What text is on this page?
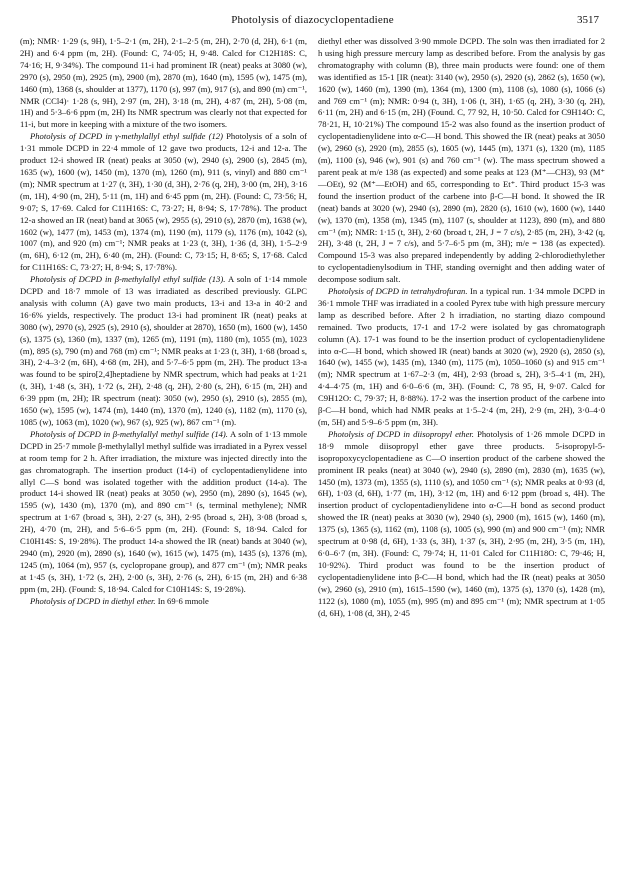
Photolysis of diazocyclopentadiene	3517

(m); NMR· 1·29 (s, 9H), 1·5–2·1 (m, 2H), 2·1–2·5 (m, 2H), 2·70 (d, 2H), 6·1 (m, 2H) and 6·4 ppm (m, 2H). (Found: C, 74·05; H, 9·48. Calcd for C12H18S: C, 74·16; H, 9·34%). The compound 11-i had prominent IR (neat) peaks at 3080 (w), 2970 (s), 2950 (m), 2925 (m), 2900 (m), 2870 (m), 1640 (m), 1595 (w), 1475 (m), 1460 (m), 1368 (s, shoulder at 1377), 1170 (s), 997 (m), 917 (s), and 890 (m) cm⁻¹, NMR (CCl4)· 1·28 (s, 9H), 2·97 (m, 2H), 3·18 (m, 2H), 4·87 (m, 2H), 5·08 (m, 1H) and 5·3–6·6 ppm (m, 2H) Its NMR spectrum was clearly not that expected for 11-i, but more in keeping with a mixture of the two isomers.

Photolysis of DCPD in γ-methylallyl ethyl sulfide (12) Photolysis of a soln of 1·31 mmole DCPD in 22·4 mmole of 12 gave two products, 12-i and 12-a. The product 12-i showed IR (neat) peaks at 3050 (w), 2940 (s), 2900 (s), 2845 (m), 1635 (w), 1600 (w), 1450 (m), 1370 (m), 1260 (m), 911 (s, vinyl) and 880 cm⁻¹ (m); NMR spectrum at 1·27 (t, 3H), 1·30 (d, 3H), 2·76 (q, 2H), 3·00 (m, 2H), 3·16 (m, 1H), 4·90 (m, 2H), 5·11 (m, 1H) and 6·45 ppm (m, 2H). (Found: C, 73·56; H, 9·07; S, 17·69. Calcd for C11H16S: C, 73·27; H, 8·94; S, 17·78%). The product 12-a showed an IR (neat) band at 3065 (w), 2955 (s), 2910 (s), 2870 (m), 1638 (w), 1602 (w), 1477 (m), 1453 (m), 1374 (m), 1190 (m), 1179 (s), 1176 (m), 1042 (s), 1007 (m), and 920 (m) cm⁻¹; NMR peaks at 1·23 (t, 3H), 1·36 (d, 3H), 1·5–2·9 (m, 6H), 6·12 (m, 2H), 6·40 (m, 2H). (Found: C, 73·15; H, 8·65; S, 17·68. Calcd for C11H16S: C, 73·27; H, 8·94; S, 17·78%).

Photolysis of DCPD in β-methylallyl ethyl sulfide (13). A soln of 1·14 mmole DCPD and 18·7 mmole of 13 was irradiated as described previously. GLPC analysis with column (A) gave two main products, 13-i and 13-a in 40·2 and 16·6% yields, respectively. The product 13-i had prominent IR (neat) peaks at 3080 (w), 2970 (s), 2925 (s), 2910 (s), shoulder at 2870), 1650 (m), 1600 (w), 1450 (s), 1375 (s), 1360 (m), 1337 (m), 1265 (m), 1191 (m), 1180 (m), 1055 (m), 1023 (m), 895 (s), 790 (m) and 768 (m) cm⁻¹; NMR peaks at 1·23 (t, 3H), 1·68 (broad s, 3H), 2·4–3·2 (m, 6H), 4·68 (m, 2H), and 5·7–6·5 ppm (m, 2H). The product 13-a was found to be spiro[2,4]heptadiene by NMR spectrum, which had peaks at 1·21 (t, 3H), 1·48 (s, 3H), 1·72 (s, 2H), 2·48 (q, 2H), 2·80 (s, 2H), 6·15 (m, 2H) and 6·39 ppm (m, 2H); IR spectrum (neat): 3050 (w), 2950 (s), 2910 (s), 2855 (m), 1650 (w), 1595 (w), 1474 (m), 1440 (m), 1370 (m), 1240 (s), 1182 (m), 1170 (s), 1085 (w), 1063 (m), 1020 (w), 967 (s), 925 (w), 867 cm⁻¹ (m).

Photolysis of DCPD in β-methylallyl methyl sulfide (14). A soln of 1·13 mmole DCPD in 25·7 mmole β-methylallyl methyl sulfide was irradiated in a Pyrex vessel at room temp for 2 h. After irradiation, the mixture was injected directly into the gas chromatograph. The insertion product (14-i) of cyclopentadienylidene into allyl C—S bond was isolated together with the addition product (14-a). The product 14-i showed IR (neat) peaks at 3050 (w), 2950 (m), 2890 (s), 1645 (w), 1595 (w), 1430 (m), 1370 (m), and 890 cm⁻¹ (s, terminal methylene); NMR spectrum at 1·67 (broad s, 3H), 2·27 (s, 3H), 2·95 (broad s, 2H), 3·08 (broad s, 2H), 4·70 (m, 2H), and 5·6–6·5 ppm (m, 2H). (Found: S, 18·94. Calcd for C10H14S: S, 19·28%). The product 14-a showed the IR (neat) bands at 3040 (w), 2940 (m), 2920 (m), 2890 (s), 1640 (w), 1615 (w), 1475 (m), 1435 (s), 1376 (m), 1245 (m), 1064 (m), 957 (s, cyclopropane group), and 877 cm⁻¹ (m); NMR peaks at 1·45 (s, 3H), 1·72 (s, 2H), 2·00 (s, 3H), 2·76 (s, 2H), 6·15 (m, 2H) and 6·38 ppm (m, 2H). (Found: S, 18·94. Calcd for C10H14S: S, 19·28%).

Photolysis of DCPD in diethyl ether. In 69·6 mmole

diethyl ether was dissolved 3·90 mmole DCPD. The soln was then irradiated for 2 h using high pressure mercury lamp as described before. From the analysis by gas chromatography with column (B), three main products were found: one of them was identified as 15-1 [IR (neat): 3140 (w), 2950 (s), 2920 (s), 2862 (s), 1650 (w), 1620 (w), 1460 (m), 1390 (m), 1364 (m), 1300 (m), 1108 (s), 1080 (s), 1066 (s) and 769 cm⁻¹ (m); NMR: 0·94 (t, 3H), 1·06 (t, 3H), 1·65 (q, 2H), 3·30 (q, 2H), 6·11 (m, 2H) and 6·15 (m, 2H) (Found. C, 77 92, H, 10·50. Calcd for C9H14O: C, 78·21, H, 10·21%) The compound 15-2 was also found as the insertion product of cyclopentadienylidene into α-C—H bond. This showed the IR (neat) peaks at 3050 (w), 2960 (s), 2920 (m), 2855 (s), 1605 (w), 1445 (m), 1371 (s), 1320 (m), 1185 (m), 1100 (s), 946 (w), 901 (s) and 760 cm⁻¹ (w). The mass spectrum showed a parent peak at m/e 138 (as expected) and some peaks at 123 (M⁺—CH3), 93 (M⁺—OEt), 92 (M⁺—EtOH) and 65, corresponding to Et⁺. Third product 15-3 was found the insertion product of the carbene into β-C—H bond. It showed the IR (neat) bands at 3020 (w), 2940 (s), 2890 (m), 2820 (s), 1610 (w), 1600 (w), 1440 (w), 1370 (m), 1358 (m), 1345 (m), 1107 (s, shoulder at 1123), 890 (m), and 880 cm⁻¹ (m); NMR: 1·15 (t, 3H), 2·60 (broad t, 2H, J = 7 c/s), 2·85 (m, 2H), 3·42 (q, 2H), 3·48 (t, 2H, J = 7 c/s), and 5·7–6·5 pm (m, 3H); m/e = 138 (as expected). Compound 15-3 was also prepared independently by adding 2-chlorodiethylether to cyclopentadienylsodium in THF, standing overnight and then adding water of decompose sodium salt.

Photolysis of DCPD in tetrahydrofuran. In a typical run. 1·34 mmole DCPD in 36·1 mmole THF was irradiated in a cooled Pyrex tube with high pressure mercury lamp as described before. After 2 h irradiation, no starting diazo compound remained. Two products, 17-1 and 17-2 were isolated by gas chromatograph column (A). 17-1 was found to be the insertion product of cyclopentadienylidene into α-C—H bond, which showed IR (neat) bands at 3020 (w), 2920 (s), 2850 (s), 1640 (w), 1455 (w), 1435 (m), 1340 (m), 1175 (m), 1050–1060 (s) and 915 cm⁻¹ (m); NMR spectrum at 1·67–2·3 (m, 4H), 2·93 (broad s, 2H), 3·5–4·1 (m, 2H), 4·4–4·75 (m, 1H) and 6·0–6·6 (m, 3H). (Found: C, 78 95, H, 9·07. Calcd for C9H12O: C, 79·37; H, 8·88%). 17-2 was the insertion product of the carbene into β-C—H bond, which had NMR peaks at 1·5–2·4 (m, 2H), 2·9 (m, 2H), 3·0–4·0 (m, 5H) and 5·9–6·5 ppm (m, 3H).

Photolysis of DCPD in diisopropyl ether. Photolysis of 1·26 mmole DCPD in 18·9 mmole diisopropyl ether gave three products. 5-isopropyl-5-isopropoxycyclopentadiene as C—O insertion product of the carbene showed the prominent IR peaks (neat) at 3040 (w), 2940 (s), 2890 (m), 2830 (m), 1635 (w), 1450 (m), 1373 (m), 1355 (s), 1110 (s), and 1050 cm⁻¹ (s); NMR peaks at 0·93 (d, 6H), 1·03 (d, 6H), 1·77 (m, 1H), 3·12 (m, 1H) and 6·12 ppm (broad s, 4H). The insertion product of cyclopentadienylidene into α-C—H bond as second product showed the IR (neat) peaks at 3030 (w), 2940 (s), 2900 (m), 1615 (w), 1460 (m), 1375 (s), 1365 (s), 1162 (m), 1108 (s), 1005 (s), 990 (m) and 900 cm⁻¹ (m); NMR spectrum at 0·98 (d, 6H), 1·33 (s, 3H), 1·37 (s, 3H), 2·95 (m, 2H), 3·5 (m, 1H), 6·0–6·7 (m, 3H). (Found: C, 79·74; H, 11·01 Calcd for C11H18O: C, 79·46; H, 10·92%). Third product was found to be the insertion product of cyclopentadienylidene into β-C—H bond, which had the IR (neat) peaks at 3050 (w), 2960 (s), 2910 (m), 1615–1590 (w), 1460 (m), 1375 (s), 1370 (s), 1428 (m), 1122 (s), 1080 (m), 1055 (m), 995 (m) and 895 cm⁻¹ (m); NMR spectrum at 1·05 (d, 6H), 1·08 (d, 3H), 2·45
